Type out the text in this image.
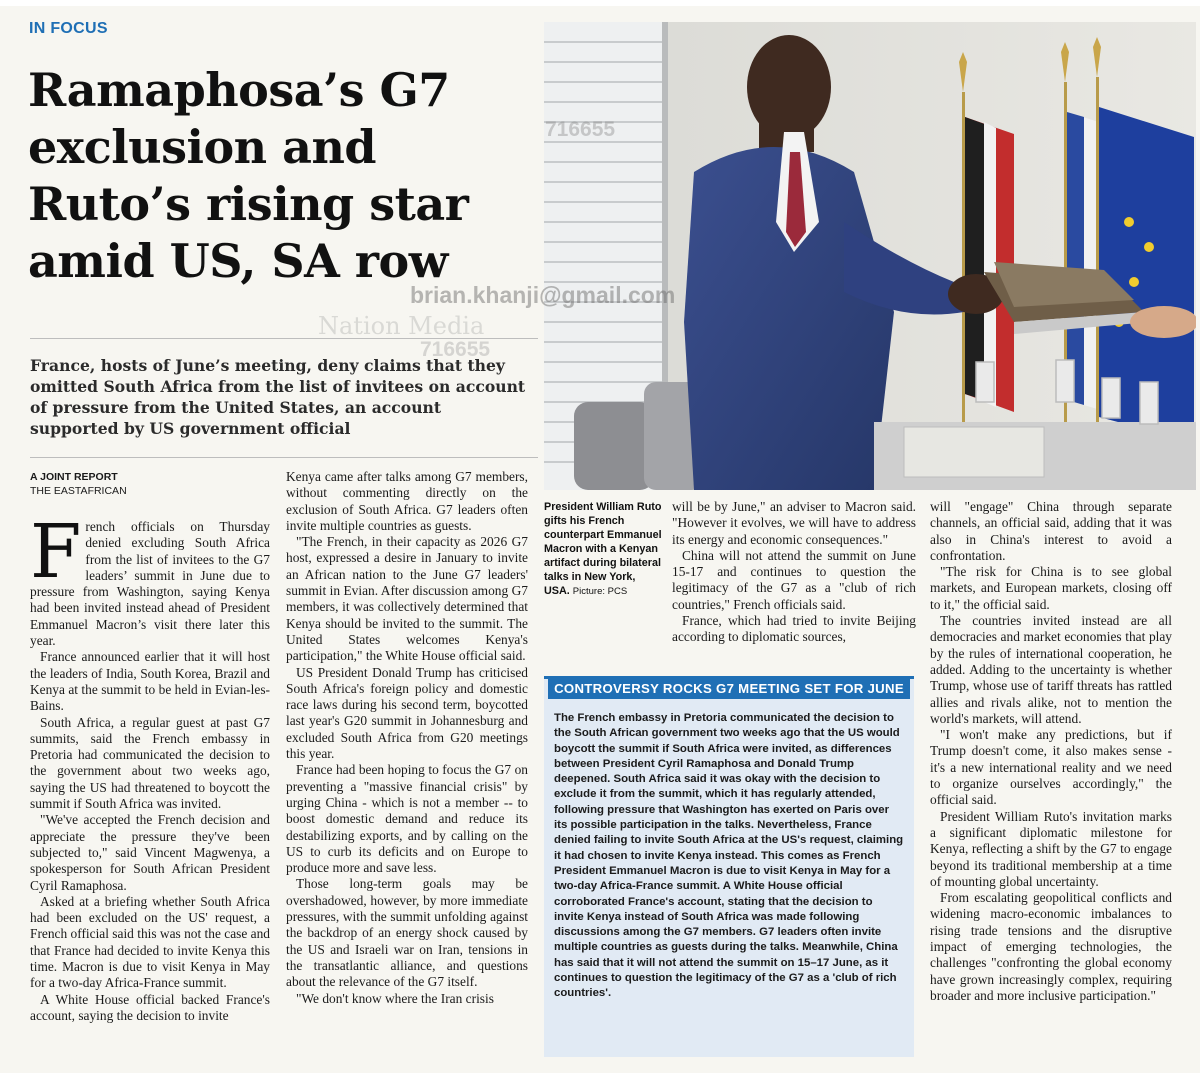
IN FOCUS
Ramaphosa’s G7 exclusion and Ruto’s rising star amid US, SA row

France, hosts of June’s meeting, deny claims that they omitted South Africa from the list of invitees on account of pressure from the United States, an account supported by US government official

716655
brian.khanji@gmail.com
Nation Media
716655
A JOINT REPORT
THE EASTAFRICAN

French officials on Thursday denied excluding South Africa from the list of invitees to the G7 leaders’ summit in June due to pressure from Washington, saying Kenya had been invited instead ahead of President Emmanuel Macron’s visit there later this year.

France announced earlier that it will host the leaders of India, South Korea, Brazil and Kenya at the summit to be held in Evian-les-Bains.

South Africa, a regular guest at past G7 summits, said the French embassy in Pretoria had communicated the decision to the government about two weeks ago, saying the US had threatened to boycott the summit if South Africa was invited.

"We've accepted the French decision and appreciate the pressure they've been subjected to," said Vincent Magwenya, a spokesperson for South African President Cyril Ramaphosa.

Asked at a briefing whether South Africa had been excluded on the US' request, a French official said this was not the case and that France had decided to invite Kenya this time. Macron is due to visit Kenya in May for a two-day Africa-France summit.

A White House official backed France's account, saying the decision to invite

Kenya came after talks among G7 members, without commenting directly on the exclusion of South Africa. G7 leaders often invite multiple countries as guests.

"The French, in their capacity as 2026 G7 host, expressed a desire in January to invite an African nation to the June G7 leaders' summit in Evian. After discussion among G7 members, it was collectively determined that Kenya should be invited to the summit. The United States welcomes Kenya's participation," the White House official said.

US President Donald Trump has criticised South Africa's foreign policy and domestic race laws during his second term, boycotted last year's G20 summit in Johannesburg and excluded South Africa from G20 meetings this year.

France had been hoping to focus the G7 on preventing a "massive financial crisis" by urging China - which is not a member -- to boost domestic demand and reduce its destabilizing exports, and by calling on the US to curb its deficits and on Europe to produce more and save less.

Those long-term goals may be overshadowed, however, by more immediate pressures, with the summit unfolding against the backdrop of an energy shock caused by the US and Israeli war on Iran, tensions in the transatlantic alliance, and questions about the relevance of the G7 itself.

"We don't know where the Iran crisis

President William Ruto gifts his French counterpart Emmanuel Macron with a Kenyan artifact during bilateral talks in New York, USA. Picture: PCS

will be by June," an adviser to Macron said. "However it evolves, we will have to address its energy and economic consequences."

China will not attend the summit on June 15-17 and continues to question the legitimacy of the G7 as a "club of rich countries," French officials said.

France, which had tried to invite Beijing according to diplomatic sources,

CONTROVERSY ROCKS G7 MEETING SET FOR JUNE

The French embassy in Pretoria communicated the decision to the South African government two weeks ago that the US would boycott the summit if South Africa were invited, as differences between President Cyril Ramaphosa and Donald Trump deepened. South Africa said it was okay with the decision to exclude it from the summit, which it has regularly attended, following pressure that Washington has exerted on Paris over its possible participation in the talks. Nevertheless, France denied failing to invite South Africa at the US's request, claiming it had chosen to invite Kenya instead. This comes as French President Emmanuel Macron is due to visit Kenya in May for a two-day Africa-France summit. A White House official corroborated France's account, stating that the decision to invite Kenya instead of South Africa was made following discussions among the G7 members. G7 leaders often invite multiple countries as guests during the talks. Meanwhile, China has said that it will not attend the summit on 15–17 June, as it continues to question the legitimacy of the G7 as a 'club of rich countries'.

will "engage" China through separate channels, an official said, adding that it was also in China's interest to avoid a confrontation.

"The risk for China is to see global markets, and European markets, closing off to it," the official said.

The countries invited instead are all democracies and market economies that play by the rules of international cooperation, he added. Adding to the uncertainty is whether Trump, whose use of tariff threats has rattled allies and rivals alike, not to mention the world's markets, will attend.

"I won't make any predictions, but if Trump doesn't come, it also makes sense - it's a new international reality and we need to organize ourselves accordingly," the official said.

President William Ruto's invitation marks a significant diplomatic milestone for Kenya, reflecting a shift by the G7 to engage beyond its traditional membership at a time of mounting global uncertainty.

From escalating geopolitical conflicts and widening macro-economic imbalances to rising trade tensions and the disruptive impact of emerging technologies, the challenges "confronting the global economy have grown increasingly complex, requiring broader and more inclusive participation."
